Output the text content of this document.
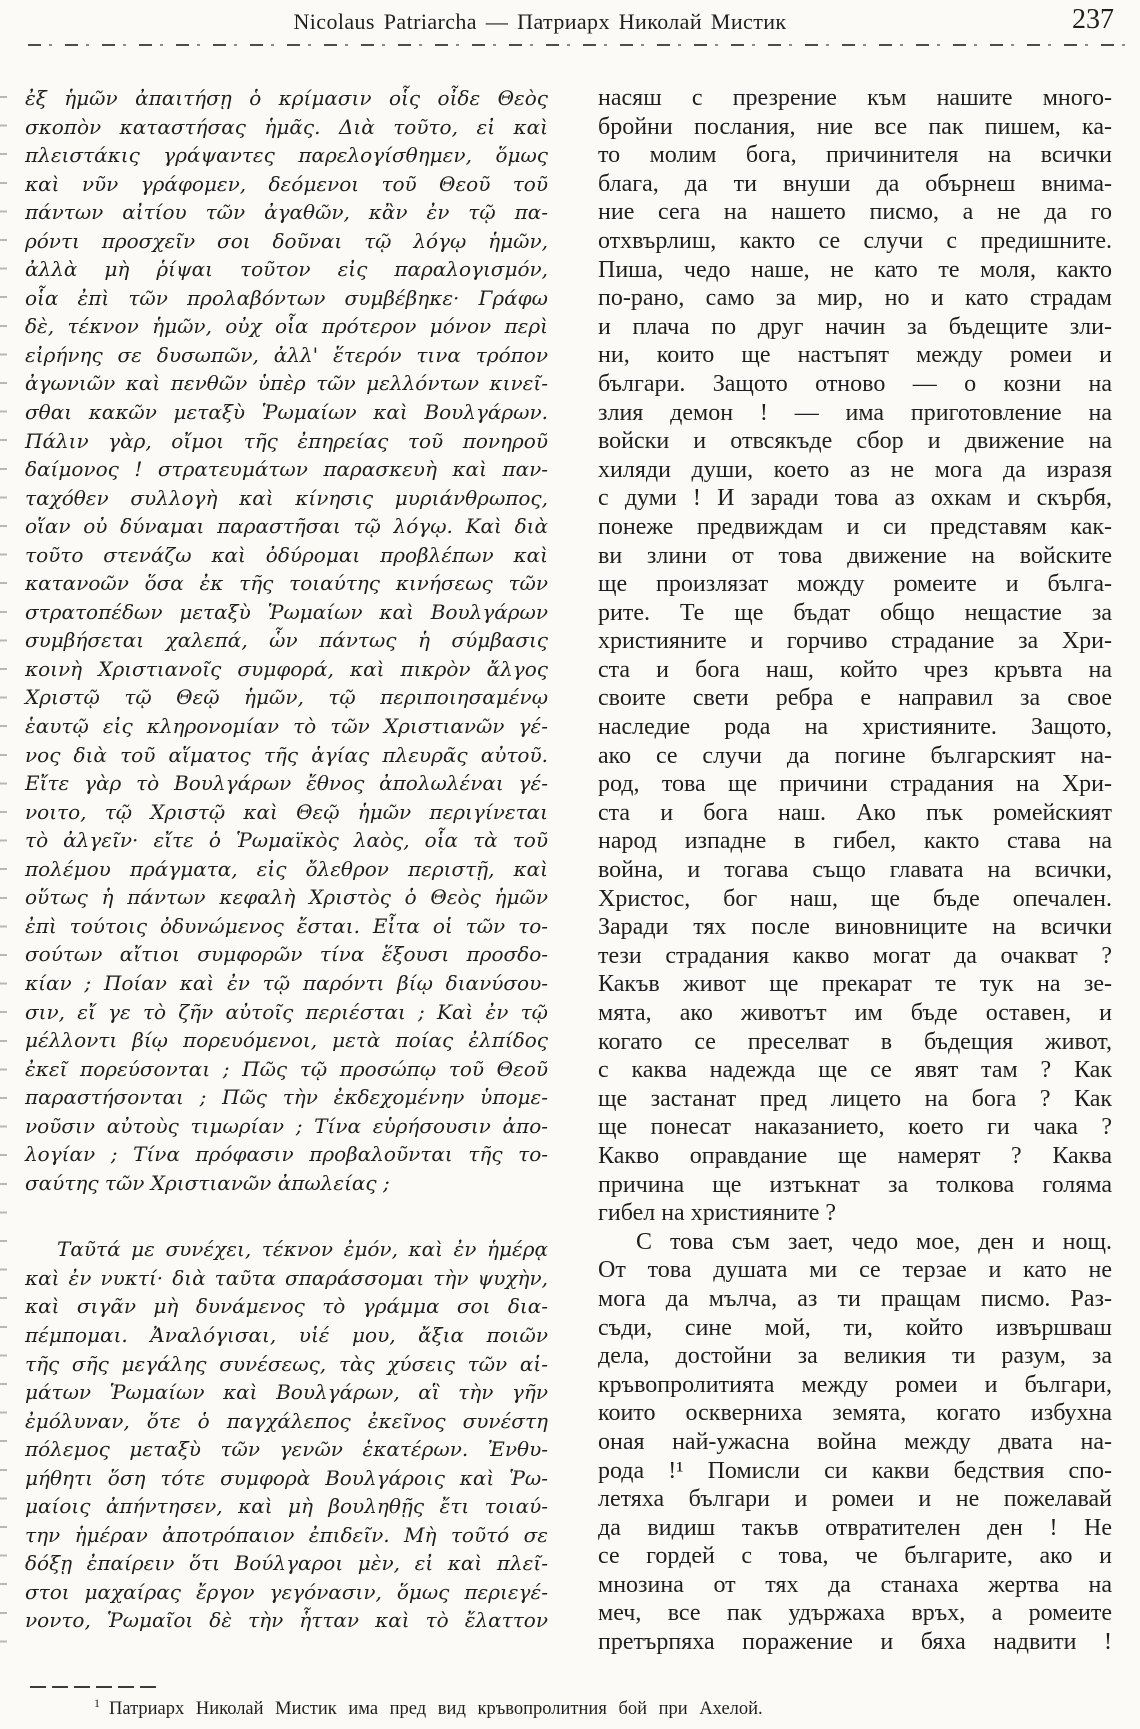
Nicolaus Patriarcha — Патриарх Николай Мистик	237
ἐξ ἡμῶν ἀπαιτήσῃ ὁ κρίμασιν οἷς οἶδε Θεὸς
σκοπὸν καταστήσας ἡμᾶς. Διὰ τοῦτο, εἰ καὶ
πλειστάκις γράψαντες παρελογίσθημεν, ὅμως
καὶ νῦν γράφομεν, δεόμενοι τοῦ Θεοῦ τοῦ
πάντων αἰτίου τῶν ἀγαθῶν, κἂν ἐν τῷ πα-
ρόντι προσχεῖν σοι δοῦναι τῷ λόγῳ ἡμῶν,
ἀλλὰ μὴ ῥίψαι τοῦτον εἰς παραλογισμόν,
οἷα ἐπὶ τῶν προλαβόντων συμβέβηκε· Γράφω
δὲ, τέκνον ἡμῶν, οὐχ οἷα πρότερον μόνον περὶ
εἰρήνης σε δυσωπῶν, ἀλλ' ἕτερόν τινα τρόπον
ἀγωνιῶν καὶ πενθῶν ὑπὲρ τῶν μελλόντων κινεῖ-
σθαι κακῶν μεταξὺ Ῥωμαίων καὶ Βουλγάρων.
Πάλιν γὰρ, οἴμοι τῆς ἐπηρείας τοῦ πονηροῦ
δαίμονος ! στρατευμάτων παρασκευὴ καὶ παν-
ταχόθεν συλλογὴ καὶ κίνησις μυριάνθρωπος,
οἵαν οὐ δύναμαι παραστῆσαι τῷ λόγῳ. Καὶ διὰ
τοῦτο στενάζω καὶ ὀδύρομαι προβλέπων καὶ
κατανοῶν ὅσα ἐκ τῆς τοιαύτης κινήσεως τῶν
στρατοπέδων μεταξὺ Ῥωμαίων καὶ Βουλγάρων
συμβήσεται χαλεπά, ὧν πάντως ἡ σύμβασις
κοινὴ Χριστιανοῖς συμφορά, καὶ πικρὸν ἄλγος
Χριστῷ τῷ Θεῷ ἡμῶν, τῷ περιποιησαμένῳ
ἑαυτῷ εἰς κληρονομίαν τὸ τῶν Χριστιανῶν γέ-
νος διὰ τοῦ αἵματος τῆς ἁγίας πλευρᾶς αὐτοῦ.
Εἴτε γὰρ τὸ Βουλγάρων ἔθνος ἀπολωλέναι γέ-
νοιτο, τῷ Χριστῷ καὶ Θεῷ ἡμῶν περιγίνεται
τὸ ἀλγεῖν· εἴτε ὁ Ῥωμαϊκὸς λαὸς, οἷα τὰ τοῦ
πολέμου πράγματα, εἰς ὄλεθρον περιστῇ, καὶ
οὕτως ἡ πάντων κεφαλὴ Χριστὸς ὁ Θεὸς ἡμῶν
ἐπὶ τούτοις ὀδυνώμενος ἔσται. Εἶτα οἱ τῶν το-
σούτων αἴτιοι συμφορῶν τίνα ἕξουσι προσδο-
κίαν ; Ποίαν καὶ ἐν τῷ παρόντι βίῳ διανύσου-
σιν, εἴ γε τὸ ζῆν αὐτοῖς περιέσται ; Καὶ ἐν τῷ
μέλλοντι βίῳ πορευόμενοι, μετὰ ποίας ἐλπίδος
ἐκεῖ πορεύσονται ; Πῶς τῷ προσώπῳ τοῦ Θεοῦ
παραστήσονται ; Πῶς τὴν ἐκδεχομένην ὑπομε-
νοῦσιν αὐτοὺς τιμωρίαν ; Τίνα εὑρήσουσιν ἀπο-
λογίαν ; Τίνα πρόφασιν προβαλοῦνται τῆς το-
σαύτης τῶν Χριστιανῶν ἀπωλείας ;
Ταῦτά με συνέχει, τέκνον ἐμόν, καὶ ἐν ἡμέρᾳ
καὶ ἐν νυκτί· διὰ ταῦτα σπαράσσομαι τὴν ψυχὴν,
καὶ σιγᾶν μὴ δυνάμενος τὸ γράμμα σοι δια-
πέμπομαι. Ἀναλόγισαι, υἱέ μου, ἄξια ποιῶν
τῆς σῆς μεγάλης συνέσεως, τὰς χύσεις τῶν αἱ-
μάτων Ῥωμαίων καὶ Βουλγάρων, αἳ τὴν γῆν
ἐμόλυναν, ὅτε ὁ παγχάλεπος ἐκεῖνος συνέστη
πόλεμος μεταξὺ τῶν γενῶν ἑκατέρων. Ἐνθυ-
μήθητι ὅση τότε συμφορὰ Βουλγάροις καὶ Ῥω-
μαίοις ἀπήντησεν, καὶ μὴ βουληθῇς ἔτι τοιαύ-
την ἡμέραν ἀποτρόπαιον ἐπιδεῖν. Μὴ τοῦτό σε
δόξῃ ἐπαίρειν ὅτι Βούλγαροι μὲν, εἰ καὶ πλεῖ-
στοι μαχαίρας ἔργον γεγόνασιν, ὅμως περιεγέ-
νοντο, Ῥωμαῖοι δὲ τὴν ἧτταν καὶ τὸ ἔλαττον
насяш с презрение към нашите много-
бройни послания, ние все пак пишем, ка-
то молим бога, причинителя на всички
блага, да ти внуши да обърнеш внима-
ние сега на нашето писмо, а не да го
отхвърлиш, както се случи с предишните.
Пиша, чедо наше, не като те моля, както
по-рано, само за мир, но и като страдам
и плача по друг начин за бъдещите зли-
ни, които ще настъпят между ромеи и
българи. Защото отново — о козни на
злия демон ! — има приготовление на
войски и отвсякъде сбор и движение на
хиляди души, което аз не мога да изразя
с думи ! И заради това аз охкам и скърбя,
понеже предвиждам и си представям как-
ви злини от това движение на войските
ще произлязат можду ромеите и бълга-
рите. Те ще бъдат общо нещастие за
християните и горчиво страдание за Хри-
ста и бога наш, който чрез кръвта на
своите свети ребра е направил за свое
наследие рода на християните. Защото,
ако се случи да погине българският на-
род, това ще причини страдания на Хри-
ста и бога наш. Ако пък ромейският
народ изпадне в гибел, както става на
война, и тогава също главата на всички,
Христос, бог наш, ще бъде опечален.
Заради тях после виновниците на всички
тези страдания какво могат да очакват ?
Какъв живот ще прекарат те тук на зе-
мята, ако животът им бъде оставен, и
когато се преселват в бъдещия живот,
с каква надежда ще се явят там ? Как
ще застанат пред лицето на бога ? Как
ще понесат наказанието, което ги чака ?
Какво оправдание ще намерят ? Каква
причина ще изтъкнат за толкова голяма
гибел на християните ?
С това съм зает, чедо мое, ден и нощ.
От това душата ми се терзае и като не
мога да мълча, аз ти пращам писмо. Раз-
съди, сине мой, ти, който извършваш
дела, достойни за великия ти разум, за
кръвопролитията между ромеи и българи,
които оскверниха земята, когато избухна
оная най-ужасна война между двата на-
рода !¹ Помисли си какви бедствия спо-
летяха българи и ромеи и не пожелавай
да видиш такъв отвратителен ден ! Не
се гордей с това, че българите, ако и
мнозина от тях да станаха жертва на
меч, все пак удържаха връх, а ромеите
претърпяха поражение и бяха надвити !
$^1$ Патриарх Николай Мистик има пред вид кръвопролитния бой при Ахелой.
